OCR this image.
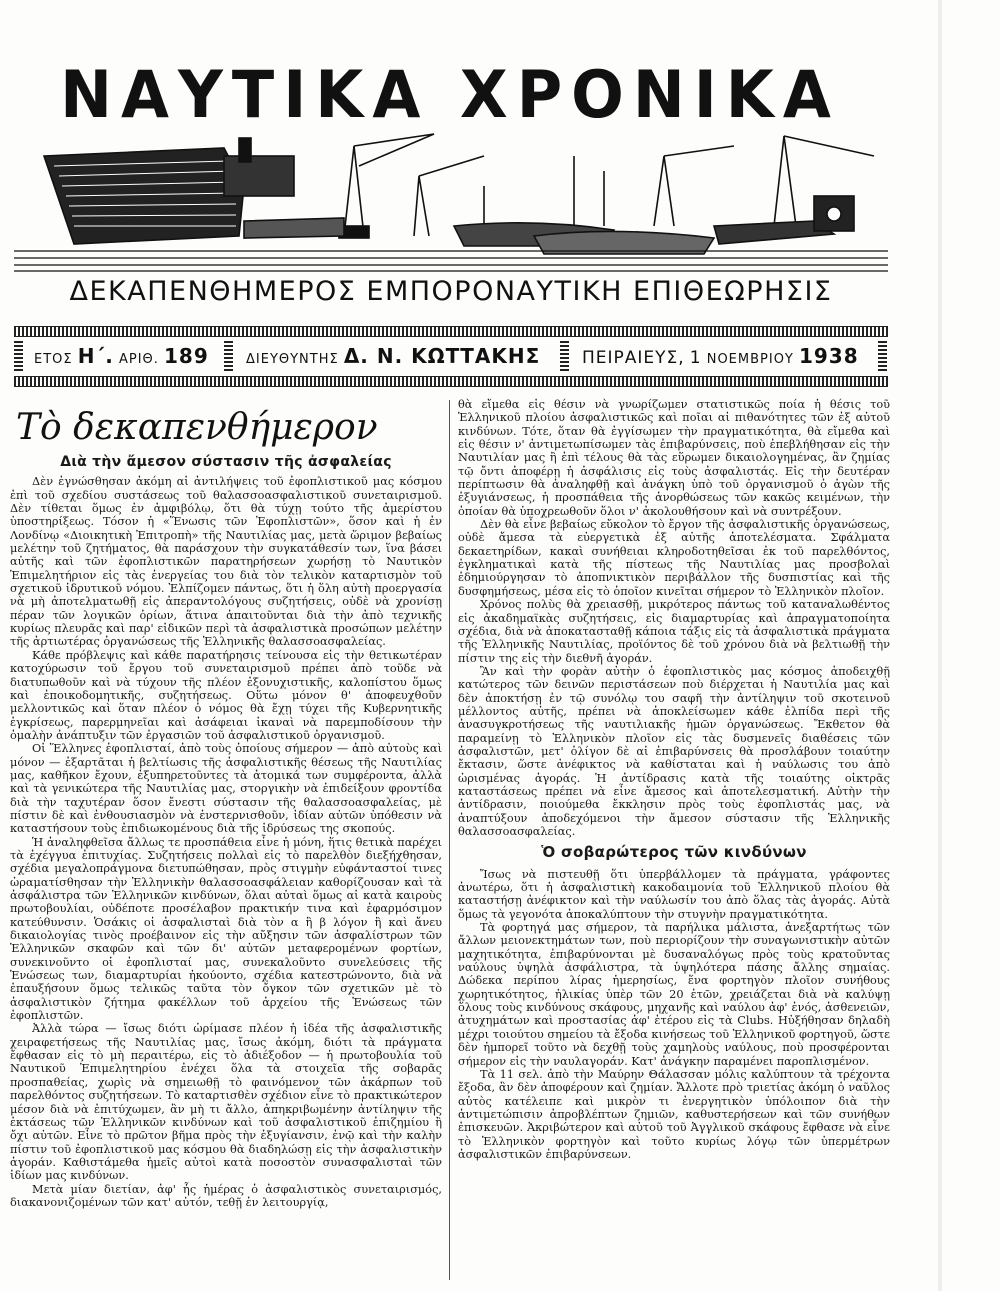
ΝΑΥΤΙΚΑ ΧΡΟΝΙΚΑ
ΔΕΚΑΠΕΝΘΗΜΕΡΟΣ ΕΜΠΟΡΟΝΑΥΤΙΚΗ ΕΠΙΘΕΩΡΗΣΙΣ
ΕΤΟΣ Η΄. ΑΡΙΘ. 189	ΔΙΕΥΘΥΝΤΗΣ Δ. Ν. ΚΩΤΤΑΚΗΣ ΠΕΙΡΑΙΕΥΣ, 1 ΝΟΕΜΒΡΙΟΥ 1938
Τὸ δεκαπενθήμερον
Διὰ τὴν ἄμεσον σύστασιν τῆς ἀσφαλείας

Δὲν ἐγνώσθησαν ἀκόμη αἱ ἀντιλήψεις τοῦ ἐφοπλιστικοῦ μας κόσμου ἐπὶ τοῦ σχεδίου συστάσεως τοῦ θαλασσοασφαλιστικοῦ συνεταιρισμοῦ. Δὲν τίθεται ὅμως ἐν ἀμφιβόλῳ, ὅτι θὰ τύχῃ τούτο τῆς ἀμερίστου ὑποστηρίξεως. Τόσον ἡ «Ἕνωσις τῶν Ἐφοπλιστῶν», ὅσον καὶ ἡ ἐν Λονδίνῳ «Διοικητικὴ Ἐπιτροπὴ» τῆς Ναυτιλίας μας, μετὰ ὥριμον βεβαίως μελέτην τοῦ ζητήματος, θὰ παράσχουν τὴν συγκατάθεσίν των, ἵνα βάσει αὐτῆς καὶ τῶν ἐφοπλιστικῶν παρατηρήσεων χωρήσῃ τὸ Ναυτικὸν Ἐπιμελητήριον εἰς τὰς ἐνεργείας του διὰ τὸν τελικὸν καταρτισμὸν τοῦ σχετικοῦ ἱδρυτικοῦ νόμου. Ἐλπίζομεν πάντως, ὅτι ἡ ὅλη αὐτὴ προεργασία νὰ μὴ ἀποτελματωθῇ εἰς ἀπεραντολόγους συζητήσεις, οὐδὲ νὰ χρονίσῃ πέραν τῶν λογικῶν ὁρίων, ἅτινα ἀπαιτοῦνται διὰ τὴν ἀπὸ τεχνικῆς κυρίως πλευρᾶς καὶ παρ' εἰδικῶν περὶ τὰ ἀσφαλιστικὰ προσώπων μελέτην τῆς ἀρτιωτέρας ὀργανώσεως τῆς Ἑλληνικῆς θαλασσοασφαλείας.

Κάθε πρόβλεψις καὶ κάθε παρατήρησις τείνουσα εἰς τὴν θετικωτέραν κατοχύρωσιν τοῦ ἔργου τοῦ συνεταιρισμοῦ πρέπει ἀπὸ τοῦδε νὰ διατυπωθοῦν καὶ νὰ τύχουν τῆς πλέον ἐξονυχιστικῆς, καλοπίστου ὅμως καὶ ἐποικοδομητικῆς, συζητήσεως. Οὕτω μόνον θ' ἀποφευχθοῦν μελλοντικῶς καὶ ὅταν πλέον ὁ νόμος θὰ ἔχῃ τύχει τῆς Κυβερνητικῆς ἐγκρίσεως, παρερμηνεῖαι καὶ ἀσάφειαι ἱκαναὶ νὰ παρεμποδίσουν τὴν ὁμαλὴν ἀνάπτυξιν τῶν ἐργασιῶν τοῦ ἀσφαλιστικοῦ ὀργανισμοῦ.

Οἱ Ἕλληνες ἐφοπλισταί, ἀπὸ τοὺς ὁποίους σήμερον — ἀπὸ αὐτοὺς καὶ μόνον — ἐξαρτᾶται ἡ βελτίωσις τῆς ἀσφαλιστικῆς θέσεως τῆς Ναυτιλίας μας, καθῆκον ἔχουν, ἐξυπηρετοῦντες τὰ ἀτομικά των συμφέροντα, ἀλλὰ καὶ τὰ γενικώτερα τῆς Ναυτιλίας μας, στοργικὴν νὰ ἐπιδείξουν φροντίδα διὰ τὴν ταχυτέραν ὅσον ἔνεστι σύστασιν τῆς θαλασσοασφαλείας, μὲ πίστιν δὲ καὶ ἐνθουσιασμὸν νὰ ἐνστερνισθοῦν, ἰδίαν αὐτῶν ὑπόθεσιν νὰ καταστήσουν τοὺς ἐπιδιωκομένους διὰ τῆς ἱδρύσεως της σκοπούς.

Ἡ ἀναληφθεῖσα ἄλλως τε προσπάθεια εἶνε ἡ μόνη, ἥτις θετικὰ παρέχει τὰ ἐχέγγυα ἐπιτυχίας. Συζητήσεις πολλαὶ εἰς τὸ παρελθὸν διεξήχθησαν, σχέδια μεγαλοπράγμονα διετυπώθησαν, πρὸς στιγμὴν εὐφάνταστοί τινες ὡραματίσθησαν τὴν Ἑλληνικὴν θαλασσοασφάλειαν καθορίζουσαν καὶ τὰ ἀσφάλιστρα τῶν Ἑλληνικῶν κινδύνων, ὅλαι αὐταὶ ὅμως αἱ κατὰ καιροὺς πρωτοβουλίαι, οὐδέποτε προσέλαβον πρακτικήν τινα καὶ ἐφαρμόσιμον κατεύθυνσιν. Ὁσάκις οἱ ἀσφαλισταὶ διὰ τὸν α ἢ β λόγον ἢ καὶ ἄνευ δικαιολογίας τινὸς προέβαινον εἰς τὴν αὔξησιν τῶν ἀσφαλίστρων τῶν Ἑλληνικῶν σκαφῶν καὶ τῶν δι' αὐτῶν μεταφερομένων φορτίων, συνεκινοῦντο οἱ ἐφοπλισταί μας, συνεκαλοῦντο συνελεύσεις τῆς Ἑνώσεως των, διαμαρτυρίαι ἠκούοντο, σχέδια κατεστρώνοντο, διὰ νὰ ἐπαυξήσουν ὅμως τελικῶς ταῦτα τὸν ὄγκον τῶν σχετικῶν μὲ τὸ ἀσφαλιστικὸν ζήτημα φακέλλων τοῦ ἀρχείου τῆς Ἑνώσεως τῶν ἐφοπλιστῶν.

Ἀλλὰ τώρα — ἴσως διότι ὡρίμασε πλέον ἡ ἰδέα τῆς ἀσφαλιστικῆς χειραφετήσεως τῆς Ναυτιλίας μας, ἴσως ἀκόμη, διότι τὰ πράγματα ἔφθασαν εἰς τὸ μὴ περαιτέρω, εἰς τὸ ἀδιέξοδον — ἡ πρωτοβουλία τοῦ Ναυτικοῦ Ἐπιμελητηρίου ἐνέχει ὅλα τὰ στοιχεῖα τῆς σοβαρᾶς προσπαθείας, χωρὶς νὰ σημειωθῇ τὸ φαινόμενον τῶν ἀκάρπων τοῦ παρελθόντος συζητήσεων. Τὸ καταρτισθὲν σχέδιον εἶνε τὸ πρακτικώτερον μέσον διὰ νὰ ἐπιτύχωμεν, ἂν μὴ τι ἄλλο, ἀπηκριβωμένην ἀντίληψιν τῆς ἐκτάσεως τῶν Ἑλληνικῶν κινδύνων καὶ τοῦ ἀσφαλιστικοῦ ἐπιζημίου ἢ ὄχι αὐτῶν. Εἶνε τὸ πρῶτον βῆμα πρὸς τὴν ἐξυγίανσιν, ἐνῷ καὶ τὴν καλὴν πίστιν τοῦ ἐφοπλιστικοῦ μας κόσμου θὰ διαδηλώσῃ εἰς τὴν ἀσφαλιστικὴν ἀγοράν. Καθιστάμεθα ἡμεῖς αὐτοὶ κατὰ ποσοστὸν συνασφαλισταὶ τῶν ἰδίων μας κινδύνων.

Μετὰ μίαν διετίαν, ἀφ' ἧς ἡμέρας ὁ ἀσφαλιστικὸς συνεταιρισμός, διακανονιζομένων τῶν κατ' αὐτόν, τεθῇ ἐν λειτουργίᾳ,

θὰ εἴμεθα εἰς θέσιν νὰ γνωρίζωμεν στατιστικῶς ποία ἡ θέσις τοῦ Ἑλληνικοῦ πλοίου ἀσφαλιστικῶς καὶ ποῖαι αἱ πιθανότητες τῶν ἐξ αὐτοῦ κινδύνων. Τότε, ὅταν θὰ ἐγγίσωμεν τὴν πραγματικότητα, θὰ εἴμεθα καὶ εἰς θέσιν ν' ἀντιμετωπίσωμεν τὰς ἐπιβαρύνσεις, ποὺ ἐπεβλήθησαν εἰς τὴν Ναυτιλίαν μας ἢ ἐπὶ τέλους θὰ τὰς εὕρωμεν δικαιολογημένας, ἂν ζημίας τῷ ὄντι ἀποφέρῃ ἡ ἀσφάλισις εἰς τοὺς ἀσφαλιστάς. Εἰς τὴν δευτέραν περίπτωσιν θὰ ἀναληφθῇ καὶ ἀνάγκη ὑπὸ τοῦ ὀργανισμοῦ ὁ ἀγὼν τῆς ἐξυγιάνσεως, ἡ προσπάθεια τῆς ἀνορθώσεως τῶν κακῶς κειμένων, τὴν ὁποίαν θὰ ὑποχρεωθοῦν ὅλοι ν' ἀκολουθήσουν καὶ νὰ συντρέξουν.

Δὲν θὰ εἶνε βεβαίως εὔκολον τὸ ἔργον τῆς ἀσφαλιστικῆς ὀργανώσεως, οὐδὲ ἄμεσα τὰ εὐεργετικὰ ἐξ αὐτῆς ἀποτελέσματα. Σφάλματα δεκαετηρίδων, κακαὶ συνήθειαι κληροδοτηθεῖσαι ἐκ τοῦ παρελθόντος, ἐγκληματικαὶ κατὰ τῆς πίστεως τῆς Ναυτιλίας μας προσβολαὶ ἐδημιούργησαν τὸ ἀποπνικτικὸν περιβάλλον τῆς δυσπιστίας καὶ τῆς δυσφημήσεως, μέσα εἰς τὸ ὁποῖον κινεῖται σήμερον τὸ Ἑλληνικὸν πλοῖον.

Χρόνος πολὺς θὰ χρειασθῇ, μικρότερος πάντως τοῦ καταναλωθέντος εἰς ἀκαδημαϊκὰς συζητήσεις, εἰς διαμαρτυρίας καὶ ἀπραγματοποίητα σχέδια, διὰ νὰ ἀποκατασταθῇ κάποια τάξις εἰς τὰ ἀσφαλιστικὰ πράγματα τῆς Ἑλληνικῆς Ναυτιλίας, προϊόντος δὲ τοῦ χρόνου διὰ νὰ βελτιωθῇ τὴν πίστιν της εἰς τὴν διεθνῆ ἀγοράν.

Ἂν καὶ τὴν φορὰν αὐτὴν ὁ ἐφοπλιστικὸς μας κόσμος ἀποδειχθῇ κατώτερος τῶν δεινῶν περιστάσεων ποὺ διέρχεται ἡ Ναυτιλία μας καὶ δὲν ἀποκτήσῃ ἐν τῷ συνόλῳ του σαφῆ τὴν ἀντίληψιν τοῦ σκοτεινοῦ μέλλοντος αὐτῆς, πρέπει νὰ ἀποκλείσωμεν κάθε ἐλπίδα περὶ τῆς ἀνασυγκροτήσεως τῆς ναυτιλιακῆς ἡμῶν ὀργανώσεως. Ἔκθετον θὰ παραμείνῃ τὸ Ἑλληνικὸν πλοῖον εἰς τὰς δυσμενεῖς διαθέσεις τῶν ἀσφαλιστῶν, μετ' ὀλίγον δὲ αἱ ἐπιβαρύνσεις θὰ προσλάβουν τοιαύτην ἔκτασιν, ὥστε ἀνέφικτος νὰ καθίσταται καὶ ἡ ναύλωσις του ἀπὸ ὡρισμένας ἀγοράς. Ἡ ἀντίδρασις κατὰ τῆς τοιαύτης οἰκτρᾶς καταστάσεως πρέπει νὰ εἶνε ἄμεσος καὶ ἀποτελεσματική. Αὐτὴν τὴν ἀντίδρασιν, ποιούμεθα ἔκκλησιν πρὸς τοὺς ἐφοπλιστάς μας, νὰ ἀναπτύξουν ἀποδεχόμενοι τὴν ἄμεσον σύστασιν τῆς Ἑλληνικῆς θαλασσοασφαλείας.

Ὁ σοβαρώτερος τῶν κινδύνων

Ἴσως νὰ πιστευθῇ ὅτι ὑπερβάλλομεν τὰ πράγματα, γράφοντες ἀνωτέρω, ὅτι ἡ ἀσφαλιστικὴ κακοδαιμονία τοῦ Ἑλληνικοῦ πλοίου θὰ καταστήσῃ ἀνέφικτον καὶ τὴν ναύλωσίν του ἀπὸ ὅλας τὰς ἀγοράς. Αὐτὰ ὅμως τὰ γεγονότα ἀποκαλύπτουν τὴν στυγνὴν πραγματικότητα.

Τὰ φορτηγά μας σήμερον, τὰ παρήλικα μάλιστα, ἀνεξαρτήτως τῶν ἄλλων μειονεκτημάτων των, ποὺ περιορίζουν τὴν συναγωνιστικὴν αὐτῶν μαχητικότητα, ἐπιβαρύνονται μὲ δυσαναλόγως πρὸς τοὺς κρατοῦντας ναύλους ὑψηλὰ ἀσφάλιστρα, τὰ ὑψηλότερα πάσης ἄλλης σημαίας. Δώδεκα περίπου λίρας ἡμερησίως, ἕνα φορτηγὸν πλοῖον συνήθους χωρητικότητος, ἡλικίας ὑπὲρ τῶν 20 ἐτῶν, χρειάζεται διὰ νὰ καλύψῃ ὅλους τοὺς κινδύνους σκάφους, μηχανῆς καὶ ναύλου ἀφ' ἑνός, ἀσθενειῶν, ἀτυχημάτων καὶ προστασίας ἀφ' ἑτέρου εἰς τὰ Clubs. Ηὐξήθησαν δηλαδὴ μέχρι τοιούτου σημείου τὰ ἔξοδα κινήσεως τοῦ Ἑλληνικοῦ φορτηγοῦ, ὥστε δὲν ἠμπορεῖ τοῦτο νὰ δεχθῇ τοὺς χαμηλοὺς ναύλους, ποὺ προσφέρονται σήμερον εἰς τὴν ναυλαγοράν. Κατ' ἀνάγκην παραμένει παροπλισμένον.

Τὰ 11 σελ. ἀπὸ τὴν Μαύρην Θάλασσαν μόλις καλύπτουν τὰ τρέχοντα ἔξοδα, ἂν δὲν ἀποφέρουν καὶ ζημίαν. Ἄλλοτε πρὸ τριετίας ἀκόμη ὁ ναῦλος αὐτὸς κατέλειπε καὶ μικρὸν τι ἐνεργητικὸν ὑπόλοιπον διὰ τὴν ἀντιμετώπισιν ἀπροβλέπτων ζημιῶν, καθυστερήσεων καὶ τῶν συνήθων ἐπισκευῶν. Ἀκριβώτερον καὶ αὐτοῦ τοῦ Ἀγγλικοῦ σκάφους ἔφθασε νὰ εἶνε τὸ Ἑλληνικὸν φορτηγὸν καὶ τοῦτο κυρίως λόγῳ τῶν ὑπερμέτρων ἀσφαλιστικῶν ἐπιβαρύνσεων.
